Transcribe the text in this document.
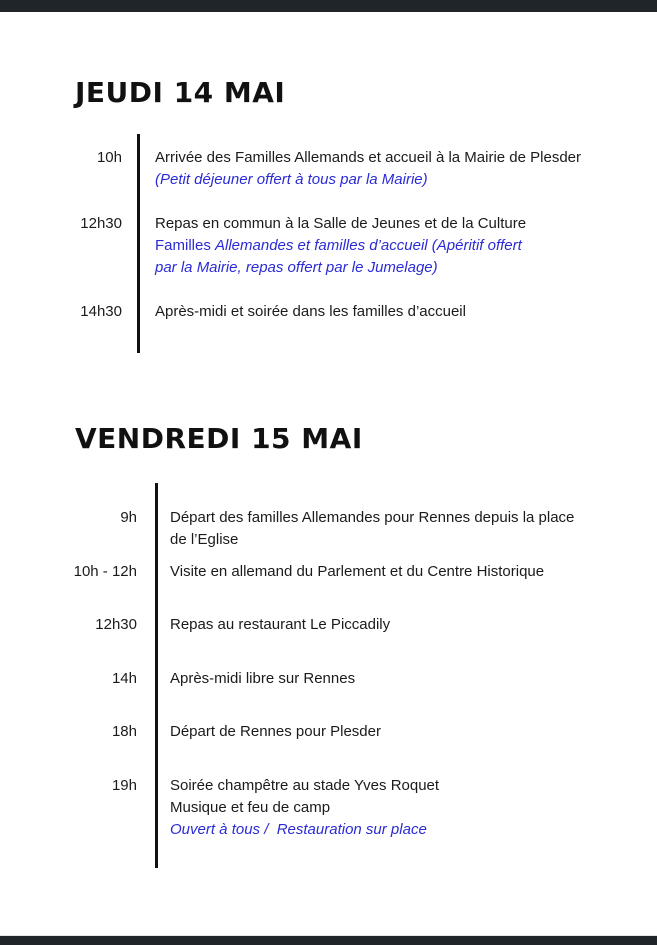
JEUDI 14 MAI
10h Arrivée des Familles Allemands et accueil à la Mairie de Plesder
(Petit déjeuner offert à tous par la Mairie)
12h30 Repas en commun à la Salle de Jeunes et de la Culture
Familles Allemandes et familles d’accueil (Apéritif offert
par la Mairie, repas offert par le Jumelage)
14h30 Après-midi et soirée dans les familles d’accueil
VENDREDI 15 MAI
9h Départ des familles Allemandes pour Rennes depuis la place
de l’Eglise
10h - 12h Visite en allemand du Parlement et du Centre Historique
12h30 Repas au restaurant Le Piccadily
14h Après-midi libre sur Rennes
18h Départ de Rennes pour Plesder
19h Soirée champêtre au stade Yves Roquet
Musique et feu de camp
Ouvert à tous /  Restauration sur place
